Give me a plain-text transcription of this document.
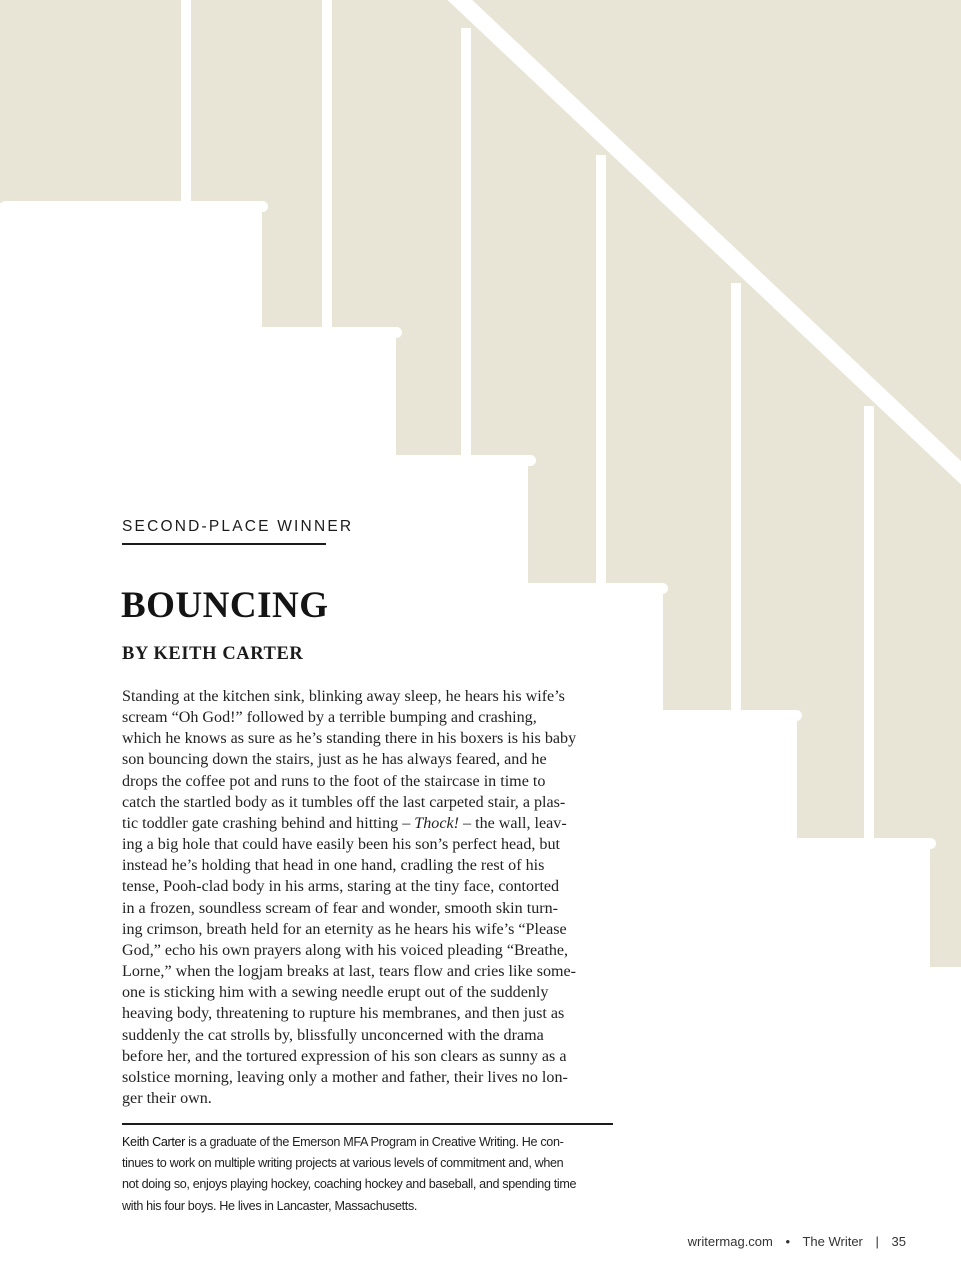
SECOND-PLACE WINNER
BOUNCING
BY KEITH CARTER
Standing at the kitchen sink, blinking away sleep, he hears his wife’s
scream “Oh God!” followed by a terrible bumping and crashing,
which he knows as sure as he’s standing there in his boxers is his baby
son bouncing down the stairs, just as he has always feared, and he
drops the coffee pot and runs to the foot of the staircase in time to
catch the startled body as it tumbles off the last carpeted stair, a plas-
tic toddler gate crashing behind and hitting – Thock! – the wall, leav-
ing a big hole that could have easily been his son’s perfect head, but
instead he’s holding that head in one hand, cradling the rest of his
tense, Pooh-clad body in his arms, staring at the tiny face, contorted
in a frozen, soundless scream of fear and wonder, smooth skin turn-
ing crimson, breath held for an eternity as he hears his wife’s “Please
God,” echo his own prayers along with his voiced pleading “Breathe,
Lorne,” when the logjam breaks at last, tears flow and cries like some-
one is sticking him with a sewing needle erupt out of the suddenly
heaving body, threatening to rupture his membranes, and then just as
suddenly the cat strolls by, blissfully unconcerned with the drama
before her, and the tortured expression of his son clears as sunny as a
solstice morning, leaving only a mother and father, their lives no lon-
ger their own.
Keith Carter is a graduate of the Emerson MFA Program in Creative Writing. He con-
tinues to work on multiple writing projects at various levels of commitment and, when
not doing so, enjoys playing hockey, coaching hockey and baseball, and spending time
with his four boys. He lives in Lancaster, Massachusetts.
writermag.com • The Writer | 35
